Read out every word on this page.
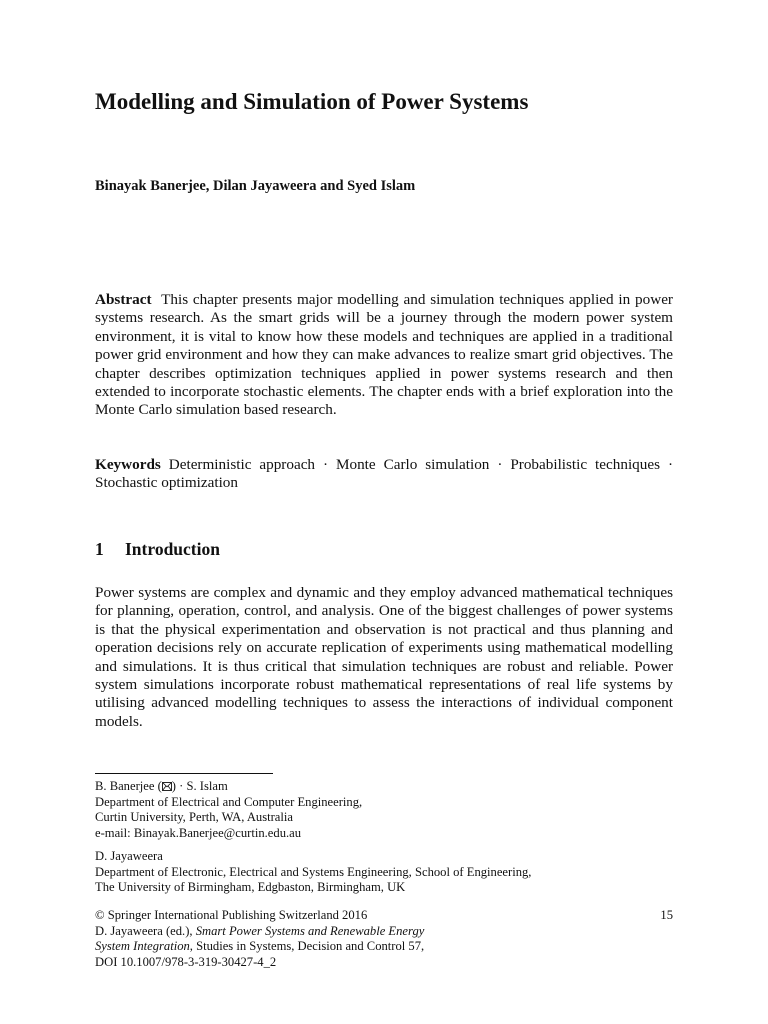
Modelling and Simulation of Power Systems

Binayak Banerjee, Dilan Jayaweera and Syed Islam

Abstract This chapter presents major modelling and simulation techniques applied in power systems research. As the smart grids will be a journey through the modern power system environment, it is vital to know how these models and techniques are applied in a traditional power grid environment and how they can make advances to realize smart grid objectives. The chapter describes optimization techniques applied in power systems research and then extended to incorporate stochastic elements. The chapter ends with a brief exploration into the Monte Carlo simulation based research.

Keywords Deterministic approach · Monte Carlo simulation · Probabilistic techniques · Stochastic optimization

1 Introduction

Power systems are complex and dynamic and they employ advanced mathematical techniques for planning, operation, control, and analysis. One of the biggest challenges of power systems is that the physical experimentation and observation is not practical and thus planning and operation decisions rely on accurate replication of experiments using mathematical modelling and simulations. It is thus critical that simulation techniques are robust and reliable. Power system simulations incorporate robust mathematical representations of real life systems by utilising advanced modelling techniques to assess the interactions of individual component models.

B. Banerjee ( ) · S. Islam
Department of Electrical and Computer Engineering,
Curtin University, Perth, WA, Australia
e-mail: Binayak.Banerjee@curtin.edu.au
D. Jayaweera
Department of Electronic, Electrical and Systems Engineering, School of Engineering,
The University of Birmingham, Edgbaston, Birmingham, UK
© Springer International Publishing Switzerland 2016	15
D. Jayaweera (ed.), Smart Power Systems and Renewable Energy
System Integration, Studies in Systems, Decision and Control 57,
DOI 10.1007/978-3-319-30427-4_2
